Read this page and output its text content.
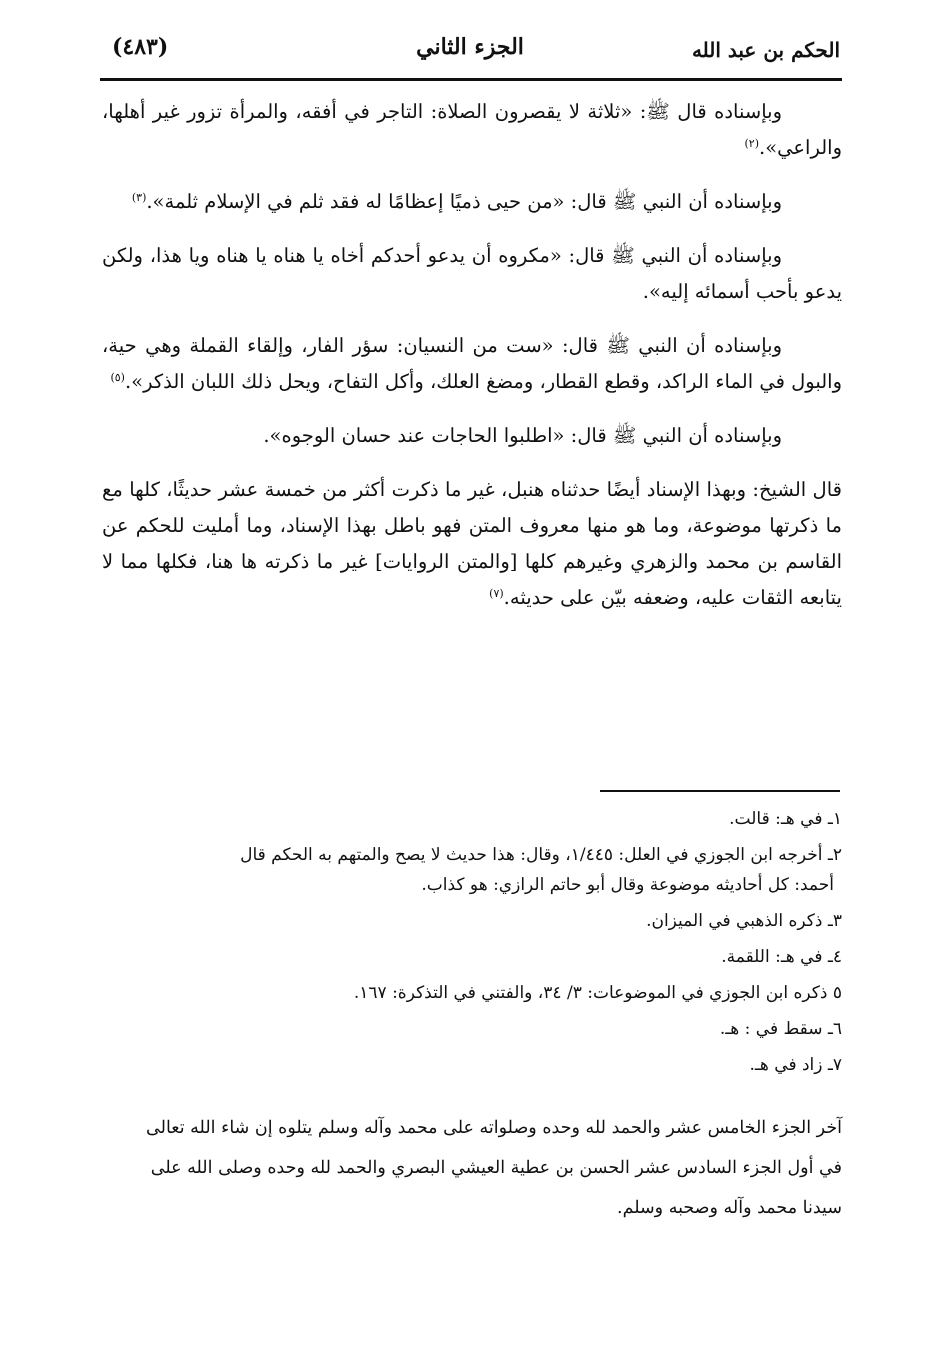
الحكم بن عبد الله
الجزء الثاني
(٤٨٣)

وبإسناده قال ﷺ: «ثلاثة لا يقصرون الصلاة: التاجر في أفقه، والمرأة تزور غير أهلها، والراعي».$^{(٢)}$

وبإسناده أن النبي ﷺ قال: «من حيى ذميًا إعظامًا له فقد ثلم في الإسلام ثلمة».$^{(٣)}$

وبإسناده أن النبي ﷺ قال: «مكروه أن يدعو أحدكم أخاه يا هناه يا هناه ويا هذا، ولكن يدعو بأحب أسمائه إليه».

وبإسناده أن النبي ﷺ قال: «ست من النسيان: سؤر الفار، وإلقاء القملة وهي حية، والبول في الماء الراكد، وقطع القطار، ومضغ العلك، وأكل التفاح، ويحل ذلك اللبان الذكر».$^{(٥)}$

وبإسناده أن النبي ﷺ قال: «اطلبوا الحاجات عند حسان الوجوه».

قال الشيخ: وبهذا الإسناد أيضًا حدثناه هنبل، غير ما ذكرت أكثر من خمسة عشر حديثًا، كلها مع ما ذكرتها موضوعة، وما هو منها معروف المتن فهو باطل بهذا الإسناد، وما أمليت للحكم عن القاسم بن محمد والزهري وغيرهم كلها [والمتن الروايات] غير ما ذكرته ها هنا، فكلها مما لا يتابعه الثقات عليه، وضعفه بيّن على حديثه.$^{(٧)}$

١ـ في هـ: قالت.

٢ـ أخرجه ابن الجوزي في العلل: ١/٤٤٥، وقال: هذا حديث لا يصح والمتهم به الحكم قال
أحمد: كل أحاديثه موضوعة وقال أبو حاتم الرازي: هو كذاب.

٣ـ ذكره الذهبي في الميزان.

٤ـ في هـ: اللقمة.

٥ ذكره ابن الجوزي في الموضوعات: ٣/ ٣٤، والفتني في التذكرة: ١٦٧.

٦ـ سقط في : هـ.

٧ـ زاد في هـ.

آخر الجزء الخامس عشر والحمد لله وحده وصلواته على محمد وآله وسلم يتلوه إن شاء الله تعالى

في أول الجزء السادس عشر الحسن بن عطية العيشي البصري والحمد لله وحده وصلى الله على

سيدنا محمد وآله وصحبه وسلم.
